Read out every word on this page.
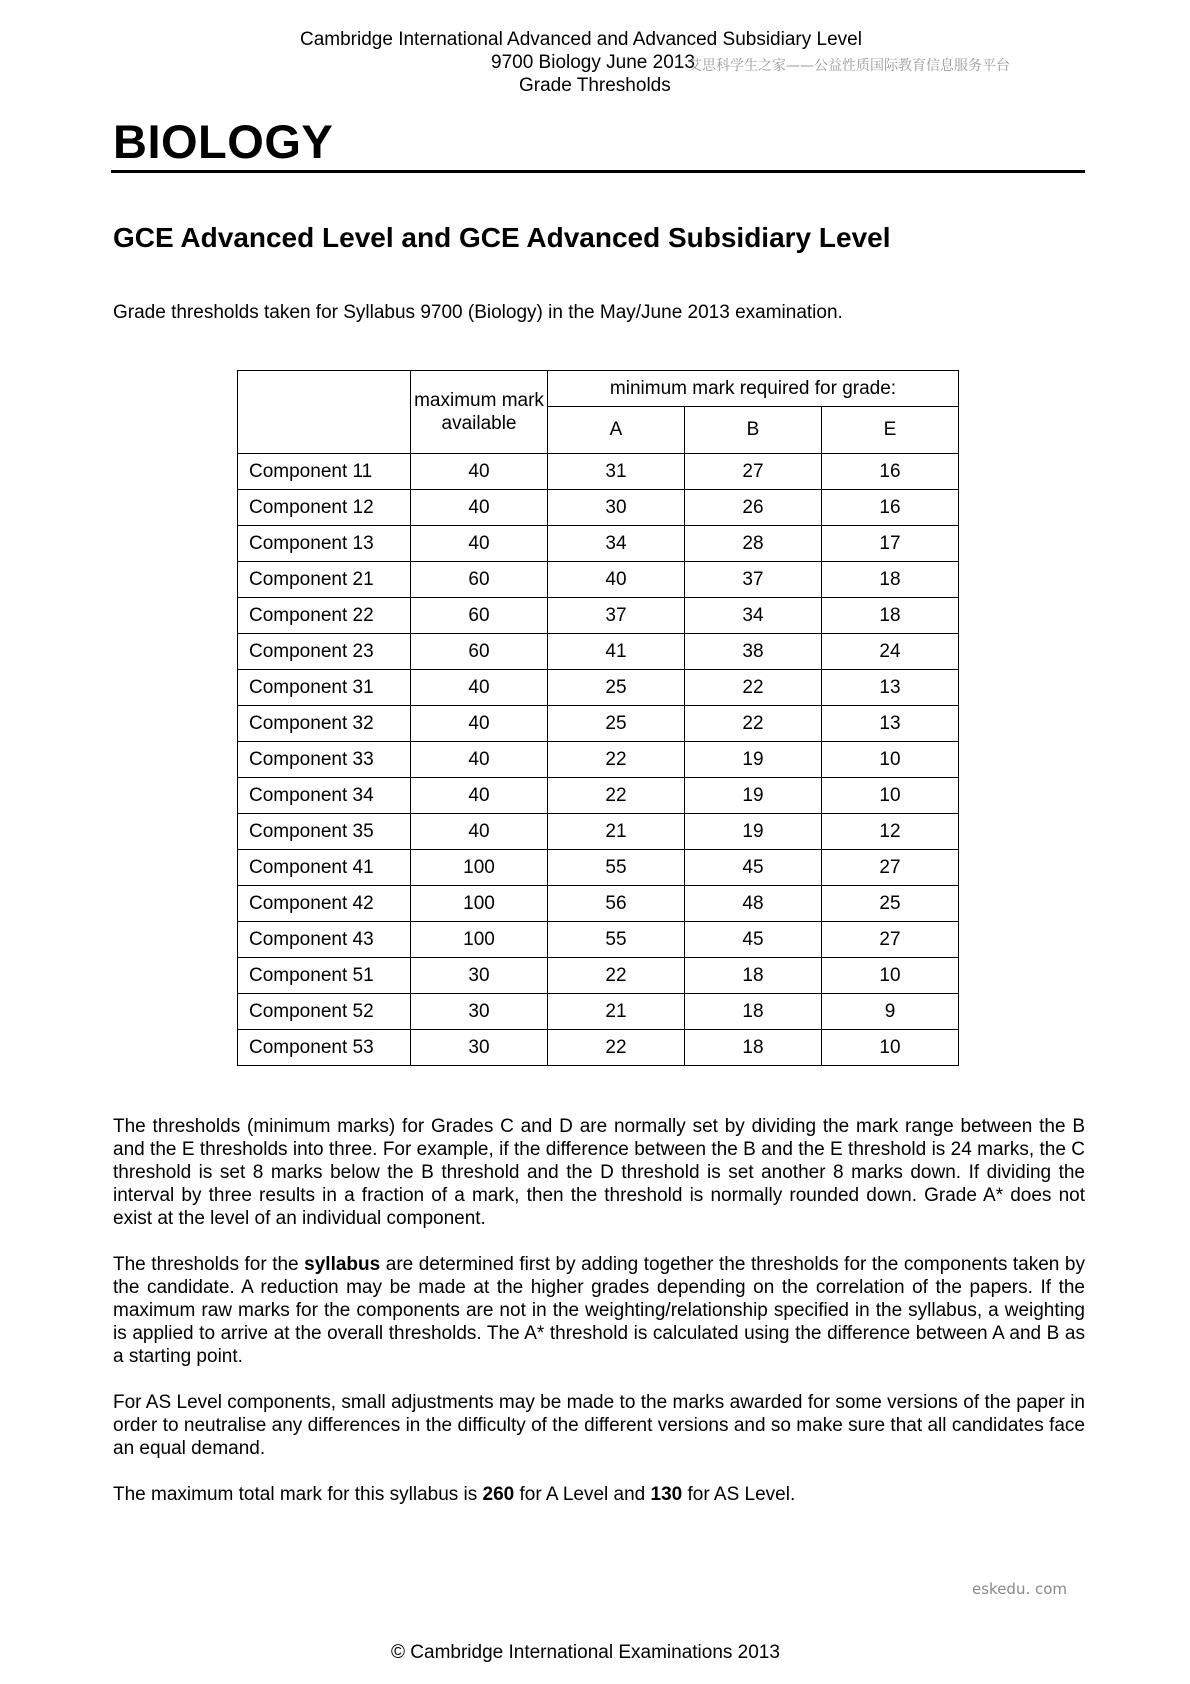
Cambridge International Advanced and Advanced Subsidiary Level
9700 Biology June 2013
Grade Thresholds
艾思科学生之家——公益性质国际教育信息服务平台
BIOLOGY
GCE Advanced Level and GCE Advanced Subsidiary Level
Grade thresholds taken for Syllabus 9700 (Biology) in the May/June 2013 examination.
	maximum mark available	minimum mark required for grade:		
		A	B	E
Component 11	40	31	27	16
Component 12	40	30	26	16
Component 13	40	34	28	17
Component 21	60	40	37	18
Component 22	60	37	34	18
Component 23	60	41	38	24
Component 31	40	25	22	13
Component 32	40	25	22	13
Component 33	40	22	19	10
Component 34	40	22	19	10
Component 35	40	21	19	12
Component 41	100	55	45	27
Component 42	100	56	48	25
Component 43	100	55	45	27
Component 51	30	22	18	10
Component 52	30	21	18	9
Component 53	30	22	18	10

The thresholds (minimum marks) for Grades C and D are normally set by dividing the mark range between the B and the E thresholds into three. For example, if the difference between the B and the E threshold is 24 marks, the C threshold is set 8 marks below the B threshold and the D threshold is set another 8 marks down. If dividing the interval by three results in a fraction of a mark, then the threshold is normally rounded down. Grade A* does not exist at the level of an individual component.

The thresholds for the syllabus are determined first by adding together the thresholds for the components taken by the candidate. A reduction may be made at the higher grades depending on the correlation of the papers. If the maximum raw marks for the components are not in the weighting/relationship specified in the syllabus, a weighting is applied to arrive at the overall thresholds. The A* threshold is calculated using the difference between A and B as a starting point.

For AS Level components, small adjustments may be made to the marks awarded for some versions of the paper in order to neutralise any differences in the difficulty of the different versions and so make sure that all candidates face an equal demand.

The maximum total mark for this syllabus is 260 for A Level and 130 for AS Level.

eskedu. com
© Cambridge International Examinations 2013
